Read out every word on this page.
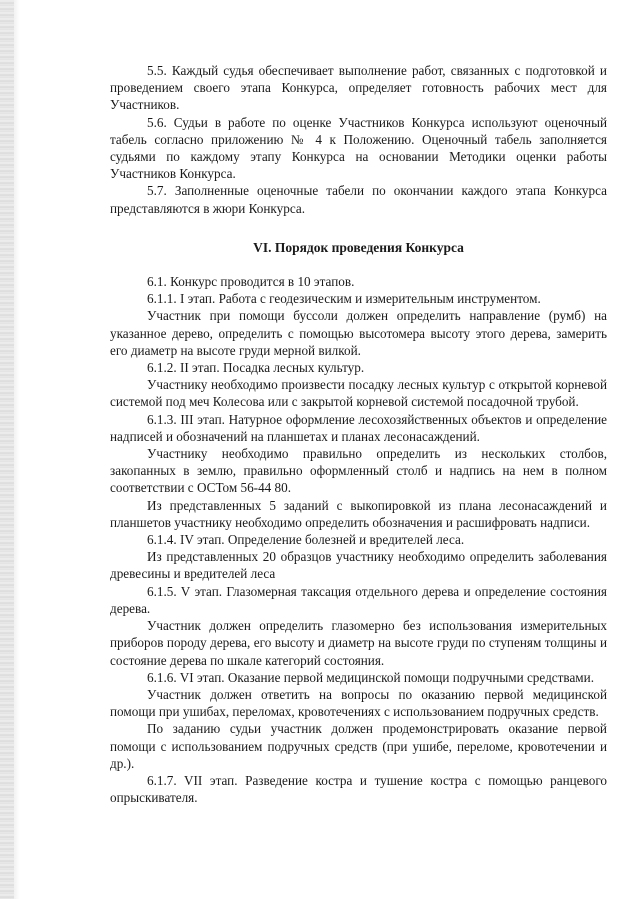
5.5. Каждый судья обеспечивает выполнение работ, связанных с подготовкой и проведением своего этапа Конкурса, определяет готовность рабочих мест для Участников.

5.6. Судьи в работе по оценке Участников Конкурса используют оценочный табель согласно приложению № 4 к Положению. Оценочный табель заполняется судьями по каждому этапу Конкурса на основании Методики оценки работы Участников Конкурса.

5.7. Заполненные оценочные табели по окончании каждого этапа Конкурса представляются в жюри Конкурса.

VI. Порядок проведения Конкурса

6.1. Конкурс проводится в 10 этапов.

6.1.1. I этап. Работа с геодезическим и измерительным инструментом.

Участник при помощи буссоли должен определить направление (румб) на указанное дерево, определить с помощью высотомера высоту этого дерева, замерить его диаметр на высоте груди мерной вилкой.

6.1.2. II этап. Посадка лесных культур.

Участнику необходимо произвести посадку лесных культур с открытой корневой системой под меч Колесова или с закрытой корневой системой посадочной трубой.

6.1.3. III этап. Натурное оформление лесохозяйственных объектов и определение надписей и обозначений на планшетах и планах лесонасаждений.

Участнику необходимо правильно определить из нескольких столбов, закопанных в землю, правильно оформленный столб и надпись на нем в полном соответствии с ОСТом 56-44 80.

Из представленных 5 заданий с выкопировкой из плана лесонасаждений и планшетов участнику необходимо определить обозначения и расшифровать надписи.

6.1.4. IV этап. Определение болезней и вредителей леса.

Из представленных 20 образцов участнику необходимо определить заболевания древесины и вредителей леса

6.1.5. V этап. Глазомерная таксация отдельного дерева и определение состояния дерева.

Участник должен определить глазомерно без использования измерительных приборов породу дерева, его высоту и диаметр на высоте груди по ступеням толщины и состояние дерева по шкале категорий состояния.

6.1.6. VI этап. Оказание первой медицинской помощи подручными средствами.

Участник должен ответить на вопросы по оказанию первой медицинской помощи при ушибах, переломах, кровотечениях с использованием подручных средств.

По заданию судьи участник должен продемонстрировать оказание первой помощи с использованием подручных средств (при ушибе, переломе, кровотечении и др.).

6.1.7. VII этап. Разведение костра и тушение костра с помощью ранцевого опрыскивателя.
